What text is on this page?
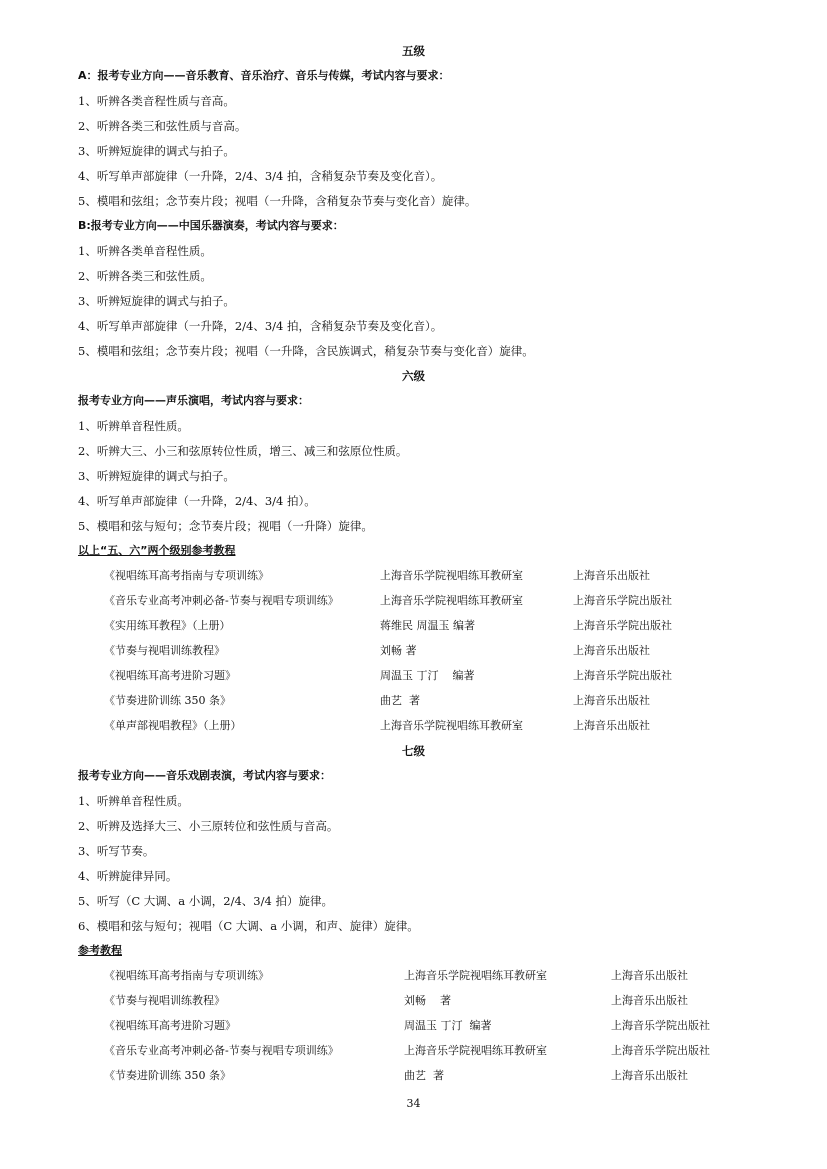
五级
A：报考专业方向——音乐教育、音乐治疗、音乐与传媒，考试内容与要求：
1、听辨各类音程性质与音高。
2、听辨各类三和弦性质与音高。
3、听辨短旋律的调式与拍子。
4、听写单声部旋律（一升降，2/4、3/4 拍，含稍复杂节奏及变化音）。
5、模唱和弦组；念节奏片段；视唱（一升降，含稍复杂节奏与变化音）旋律。
B:报考专业方向——中国乐器演奏，考试内容与要求：
1、听辨各类单音程性质。
2、听辨各类三和弦性质。
3、听辨短旋律的调式与拍子。
4、听写单声部旋律（一升降，2/4、3/4 拍，含稍复杂节奏及变化音）。
5、模唱和弦组；念节奏片段；视唱（一升降，含民族调式，稍复杂节奏与变化音）旋律。
六级
报考专业方向——声乐演唱，考试内容与要求：
1、听辨单音程性质。
2、听辨大三、小三和弦原转位性质，增三、减三和弦原位性质。
3、听辨短旋律的调式与拍子。
4、听写单声部旋律（一升降，2/4、3/4 拍）。
5、模唱和弦与短句；念节奏片段；视唱（一升降）旋律。
以上“五、六”两个级别参考教程
《视唱练耳高考指南与专项训练》	上海音乐学院视唱练耳教研室	上海音乐出版社
《音乐专业高考冲刺必备-节奏与视唱专项训练》	上海音乐学院视唱练耳教研室	上海音乐学院出版社
《实用练耳教程》（上册）	蒋维民 周温玉 编著	上海音乐学院出版社
《节奏与视唱训练教程》	刘畅 著	上海音乐出版社
《视唱练耳高考进阶习题》	周温玉 丁汀    编著	上海音乐学院出版社
《节奏进阶训练 350 条》	曲艺  著	上海音乐出版社
《单声部视唱教程》（上册）	上海音乐学院视唱练耳教研室	上海音乐出版社
七级
报考专业方向——音乐戏剧表演，考试内容与要求：
1、听辨单音程性质。
2、听辨及选择大三、小三原转位和弦性质与音高。
3、听写节奏。
4、听辨旋律异同。
5、听写（C 大调、a 小调，2/4、3/4 拍）旋律。
6、模唱和弦与短句；视唱（C 大调、a 小调，和声、旋律）旋律。
参考教程
《视唱练耳高考指南与专项训练》	上海音乐学院视唱练耳教研室	上海音乐出版社
《节奏与视唱训练教程》	刘畅    著	上海音乐出版社
《视唱练耳高考进阶习题》	周温玉 丁汀  编著	上海音乐学院出版社
《音乐专业高考冲刺必备-节奏与视唱专项训练》	上海音乐学院视唱练耳教研室	上海音乐学院出版社
《节奏进阶训练 350 条》	曲艺  著	上海音乐出版社
34
